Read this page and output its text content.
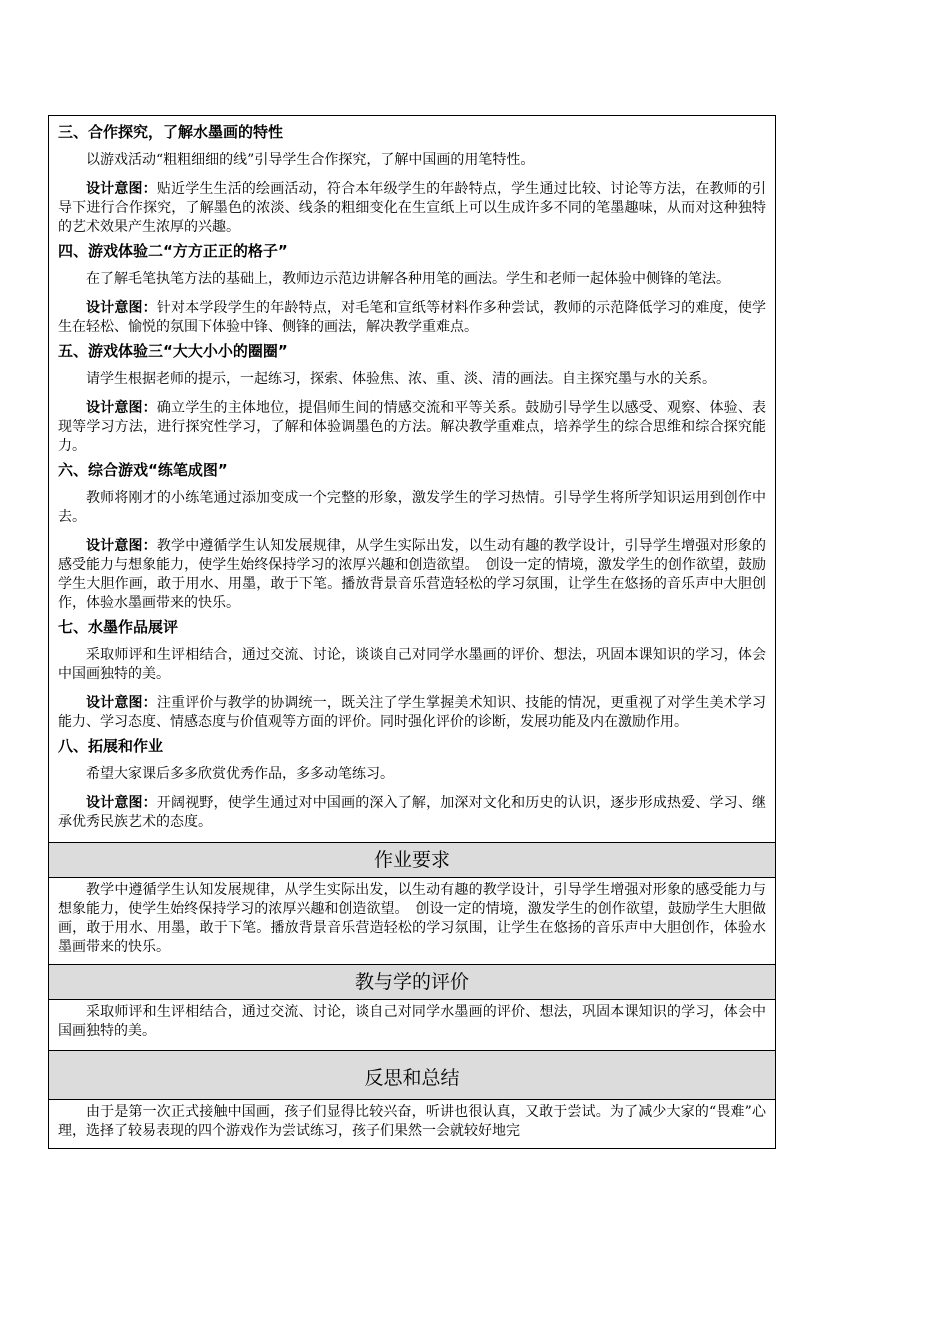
三、合作探究，了解水墨画的特性

以游戏活动“粗粗细细的线”引导学生合作探究，了解中国画的用笔特性。

设计意图：贴近学生生活的绘画活动，符合本年级学生的年龄特点，学生通过比较、讨论等方法，在教师的引导下进行合作探究，了解墨色的浓淡、线条的粗细变化在生宣纸上可以生成许多不同的笔墨趣味，从而对这种独特的艺术效果产生浓厚的兴趣。

四、游戏体验二“方方正正的格子”

在了解毛笔执笔方法的基础上，教师边示范边讲解各种用笔的画法。学生和老师一起体验中侧锋的笔法。

设计意图：针对本学段学生的年龄特点，对毛笔和宣纸等材料作多种尝试，教师的示范降低学习的难度，使学生在轻松、愉悦的氛围下体验中锋、侧锋的画法，解决教学重难点。

五、游戏体验三“大大小小的圈圈”

请学生根据老师的提示，一起练习，探索、体验焦、浓、重、淡、清的画法。自主探究墨与水的关系。

设计意图：确立学生的主体地位，提倡师生间的情感交流和平等关系。鼓励引导学生以感受、观察、体验、表现等学习方法，进行探究性学习，了解和体验调墨色的方法。解决教学重难点，培养学生的综合思维和综合探究能力。

六、综合游戏“练笔成图”

教师将刚才的小练笔通过添加变成一个完整的形象，激发学生的学习热情。引导学生将所学知识运用到创作中去。

设计意图：教学中遵循学生认知发展规律，从学生实际出发，以生动有趣的教学设计，引导学生增强对形象的感受能力与想象能力，使学生始终保持学习的浓厚兴趣和创造欲望。　创设一定的情境，激发学生的创作欲望，鼓励学生大胆作画，敢于用水、用墨，敢于下笔。播放背景音乐营造轻松的学习氛围，让学生在悠扬的音乐声中大胆创作，体验水墨画带来的快乐。

七、水墨作品展评

采取师评和生评相结合，通过交流、讨论，谈谈自己对同学水墨画的评价、想法，巩固本课知识的学习，体会中国画独特的美。

设计意图：注重评价与教学的协调统一，既关注了学生掌握美术知识、技能的情况，更重视了对学生美术学习能力、学习态度、情感态度与价值观等方面的评价。同时强化评价的诊断，发展功能及内在激励作用。

八、拓展和作业

希望大家课后多多欣赏优秀作品，多多动笔练习。

设计意图：开阔视野，使学生通过对中国画的深入了解，加深对文化和历史的认识，逐步形成热爱、学习、继承优秀民族艺术的态度。

作业要求

教学中遵循学生认知发展规律，从学生实际出发，以生动有趣的教学设计，引导学生增强对形象的感受能力与想象能力，使学生始终保持学习的浓厚兴趣和创造欲望。　创设一定的情境，激发学生的创作欲望，鼓励学生大胆做画，敢于用水、用墨，敢于下笔。播放背景音乐营造轻松的学习氛围，让学生在悠扬的音乐声中大胆创作，体验水墨画带来的快乐。

教与学的评价

采取师评和生评相结合，通过交流、讨论，谈自己对同学水墨画的评价、想法，巩固本课知识的学习，体会中国画独特的美。

反思和总结

由于是第一次正式接触中国画，孩子们显得比较兴奋，听讲也很认真，又敢于尝试。为了减少大家的“畏难”心理，选择了较易表现的四个游戏作为尝试练习，孩子们果然一会就较好地完
